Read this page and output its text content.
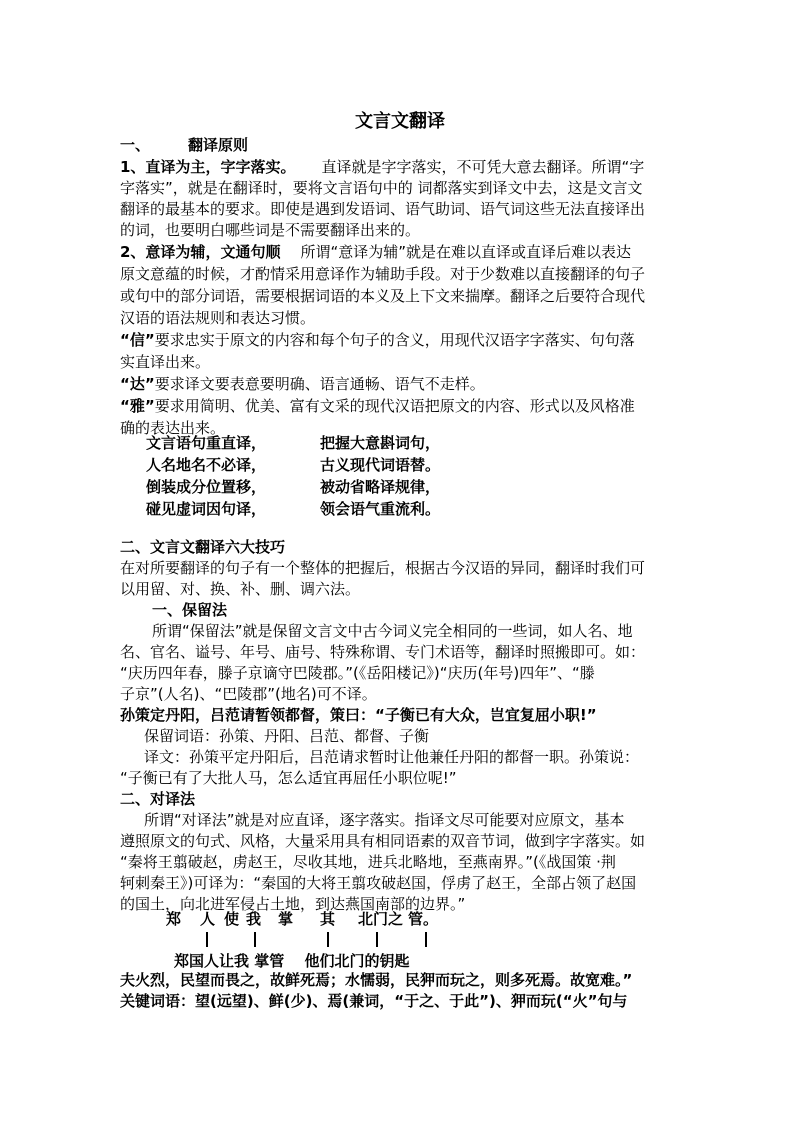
文言文翻译
一、	翻译原则
1、直译为主，字字落实。 直译就是字字落实，不可凭大意去翻译。所谓“字
字落实”，就是在翻译时，要将文言语句中的 词都落实到译文中去，这是文言文
翻译的最基本的要求。即使是遇到发语词、语气助词、语气词这些无法直接译出
的词，也要明白哪些词是不需要翻译出来的。
2、意译为辅，文通句顺 所谓“意译为辅”就是在难以直译或直译后难以表达
原文意蕴的时候，才酌情采用意译作为辅助手段。对于少数难以直接翻译的句子
或句中的部分词语，需要根据词语的本义及上下文来揣摩。翻译之后要符合现代
汉语的语法规则和表达习惯。
“信”要求忠实于原文的内容和每个句子的含义，用现代汉语字字落实、句句落
实直译出来。
“达”要求译文要表意要明确、语言通畅、语气不走样。
“雅”要求用简明、优美、富有文采的现代汉语把原文的内容、形式以及风格准
确的表达出来。
文言语句重直译，	把握大意斟词句，
人名地名不必译，	古义现代词语替。
倒装成分位置移，	被动省略译规律，
碰见虚词因句译，	领会语气重流利。
二、文言文翻译六大技巧
在对所要翻译的句子有一个整体的把握后，根据古今汉语的异同，翻译时我们可
以用留、对、换、补、删、调六法。
一、保留法
所谓“保留法”就是保留文言文中古今词义完全相同的一些词，如人名、地
名、官名、谥号、年号、庙号、特殊称谓、专门术语等，翻译时照搬即可。如：
“庆历四年春，滕子京谪守巴陵郡。”(《岳阳楼记》)“庆历(年号)四年”、“滕
子京”(人名)、“巴陵郡”(地名)可不译。
孙策定丹阳，吕范请暂领都督，策曰：“子衡已有大众，岂宜复屈小职!”
保留词语：孙策、丹阳、吕范、都督、子衡
译文：孙策平定丹阳后，吕范请求暂时让他兼任丹阳的都督一职。孙策说：
“子衡已有了大批人马，怎么适宜再屈任小职位呢!”
二、对译法
所谓“对译法”就是对应直译，逐字落实。指译文尽可能要对应原文，基本
遵照原文的句式、风格，大量采用具有相同语素的双音节词，做到字字落实。如
“秦将王翦破赵，虏赵王，尽收其地，进兵北略地，至燕南界。”(《战国策 ·荆
轲刺秦王》)可译为：“秦国的大将王翦攻破赵国，俘虏了赵王，全部占领了赵国
的国土，向北进军侵占土地，到达燕国南部的边界。”
郑 人 使 我 掌 其 北门之 管。
郑国人让我 掌管　 他们北门的钥匙
夫火烈，民望而畏之，故鲜死焉；水懦弱，民狎而玩之，则多死焉。故宽难。”
关键词语：望(远望)、鲜(少)、焉(兼词，“于之、于此”)、狎而玩(“火”句与
